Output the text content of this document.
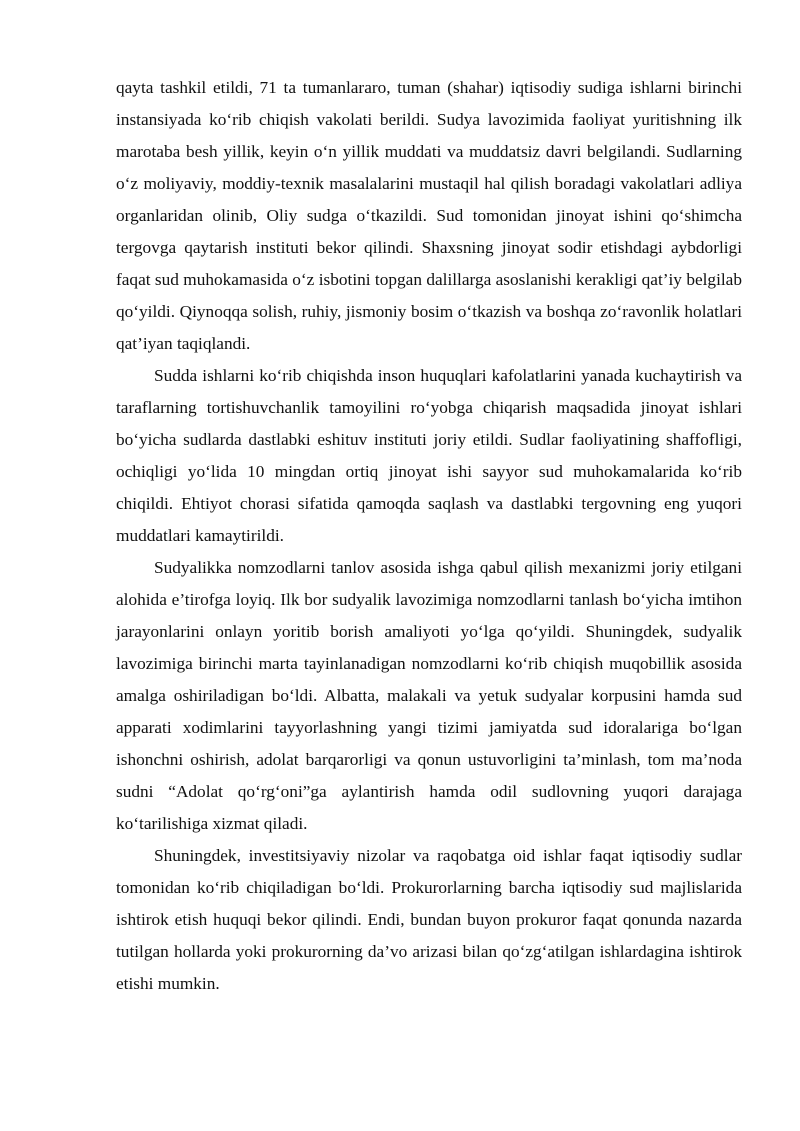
qayta tashkil etildi, 71 ta tumanlararo, tuman (shahar) iqtisodiy sudiga ishlarni birinchi instansiyada ko‘rib chiqish vakolati berildi. Sudya lavozimida faoliyat yuritishning ilk marotaba besh yillik, keyin o‘n yillik muddati va muddatsiz davri belgilandi. Sudlarning o‘z moliyaviy, moddiy-texnik masalalarini mustaqil hal qilish boradagi vakolatlari adliya organlaridan olinib, Oliy sudga o‘tkazildi. Sud tomonidan jinoyat ishini qo‘shimcha tergovga qaytarish instituti bekor qilindi. Shaxsning jinoyat sodir etishdagi aybdorligi faqat sud muhokamasida o‘z isbotini topgan dalillarga asoslanishi kerakligi qat’iy belgilab qo‘yildi. Qiynoqqa solish, ruhiy, jismoniy bosim o‘tkazish va boshqa zo‘ravonlik holatlari qat’iyan taqiqlandi.

Sudda ishlarni ko‘rib chiqishda inson huquqlari kafolatlarini yanada kuchaytirish va taraflarning tortishuvchanlik tamoyilini ro‘yobga chiqarish maqsadida jinoyat ishlari bo‘yicha sudlarda dastlabki eshituv instituti joriy etildi. Sudlar faoliyatining shaffofligi, ochiqligi yo‘lida 10 mingdan ortiq jinoyat ishi sayyor sud muhokamalarida ko‘rib chiqildi. Ehtiyot chorasi sifatida qamoqda saqlash va dastlabki tergovning eng yuqori muddatlari kamaytirildi.

Sudyalikka nomzodlarni tanlov asosida ishga qabul qilish mexanizmi joriy etilgani alohida e’tirofga loyiq. Ilk bor sudyalik lavozimiga nomzodlarni tanlash bo‘yicha imtihon jarayonlarini onlayn yoritib borish amaliyoti yo‘lga qo‘yildi. Shuningdek, sudyalik lavozimiga birinchi marta tayinlanadigan nomzodlarni ko‘rib chiqish muqobillik asosida amalga oshiriladigan bo‘ldi. Albatta, malakali va yetuk sudyalar korpusini hamda sud apparati xodimlarini tayyorlashning yangi tizimi jamiyatda sud idoralariga bo‘lgan ishonchni oshirish, adolat barqarorligi va qonun ustuvorligini ta’minlash, tom ma’noda sudni “Adolat qo‘rg‘oni”ga aylantirish hamda odil sudlovning yuqori darajaga ko‘tarilishiga xizmat qiladi.

Shuningdek, investitsiyaviy nizolar va raqobatga oid ishlar faqat iqtisodiy sudlar tomonidan ko‘rib chiqiladigan bo‘ldi. Prokurorlarning barcha iqtisodiy sud majlislarida ishtirok etish huquqi bekor qilindi. Endi, bundan buyon prokuror faqat qonunda nazarda tutilgan hollarda yoki prokurorning da’vo arizasi bilan qo‘zg‘atilgan ishlardagina ishtirok etishi mumkin.
